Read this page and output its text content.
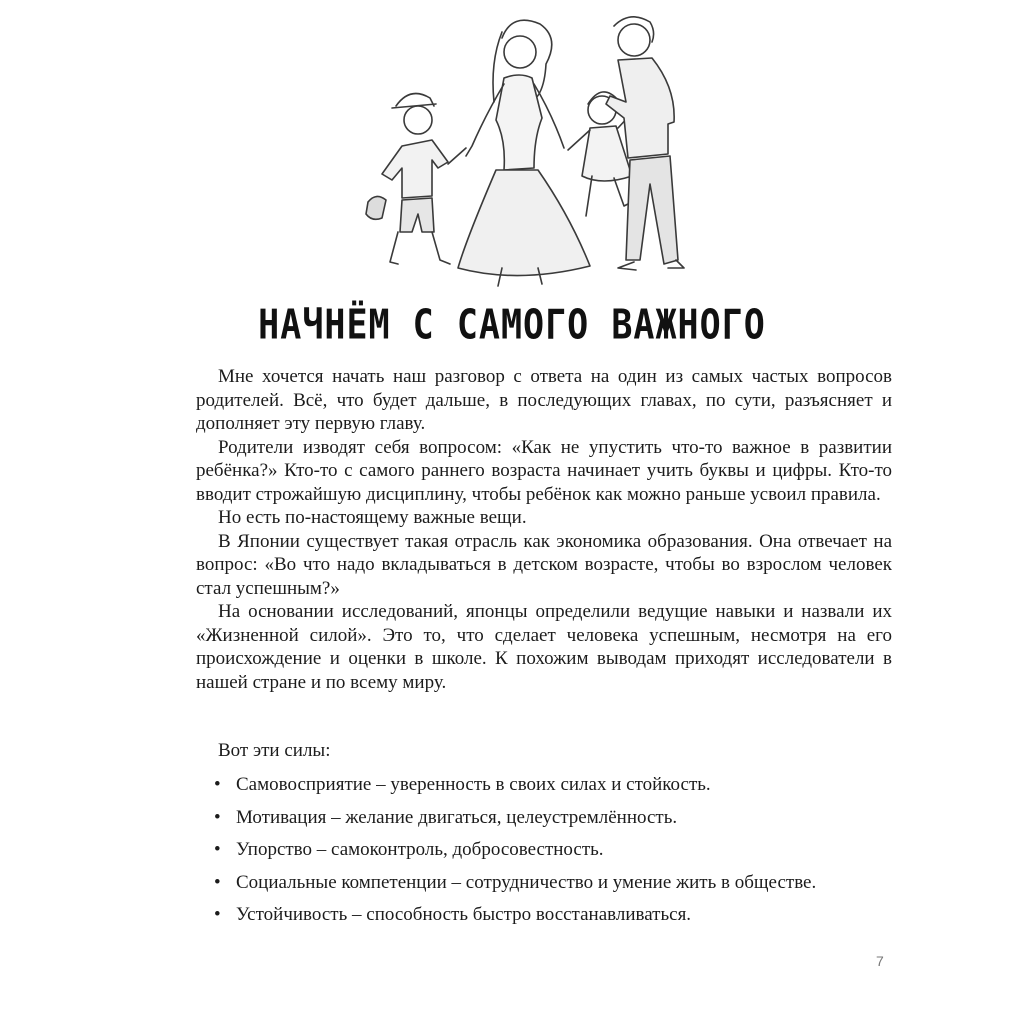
НАЧНЁМ С САМОГО ВАЖНОГО

Мне хочется начать наш разговор с ответа на один из самых частых вопросов родителей. Всё, что будет дальше, в последующих главах, по сути, разъясняет и дополняет эту первую главу.

Родители изводят себя вопросом: «Как не упустить что-то важное в развитии ребёнка?» Кто-то с самого раннего возраста начинает учить буквы и цифры. Кто-то вводит строжайшую дисциплину, чтобы ребёнок как можно раньше усвоил правила.

Но есть по-настоящему важные вещи.

В Японии существует такая отрасль как экономика образования. Она отвечает на вопрос: «Во что надо вкладываться в детском возрасте, чтобы во взрослом человек стал успешным?»

На основании исследований, японцы определили ведущие навыки и назвали их «Жизненной силой». Это то, что сделает человека успешным, несмотря на его происхождение и оценки в школе. К похожим выводам приходят исследователи в нашей стране и по всему миру.

Вот эти силы:
• Самовосприятие – уверенность в своих силах и стойкость.
• Мотивация – желание двигаться, целеустремлённость.
• Упорство – самоконтроль, добросовестность.
• Социальные компетенции – сотрудничество и умение жить в обществе.
• Устойчивость – способность быстро восстанавливаться.
7
